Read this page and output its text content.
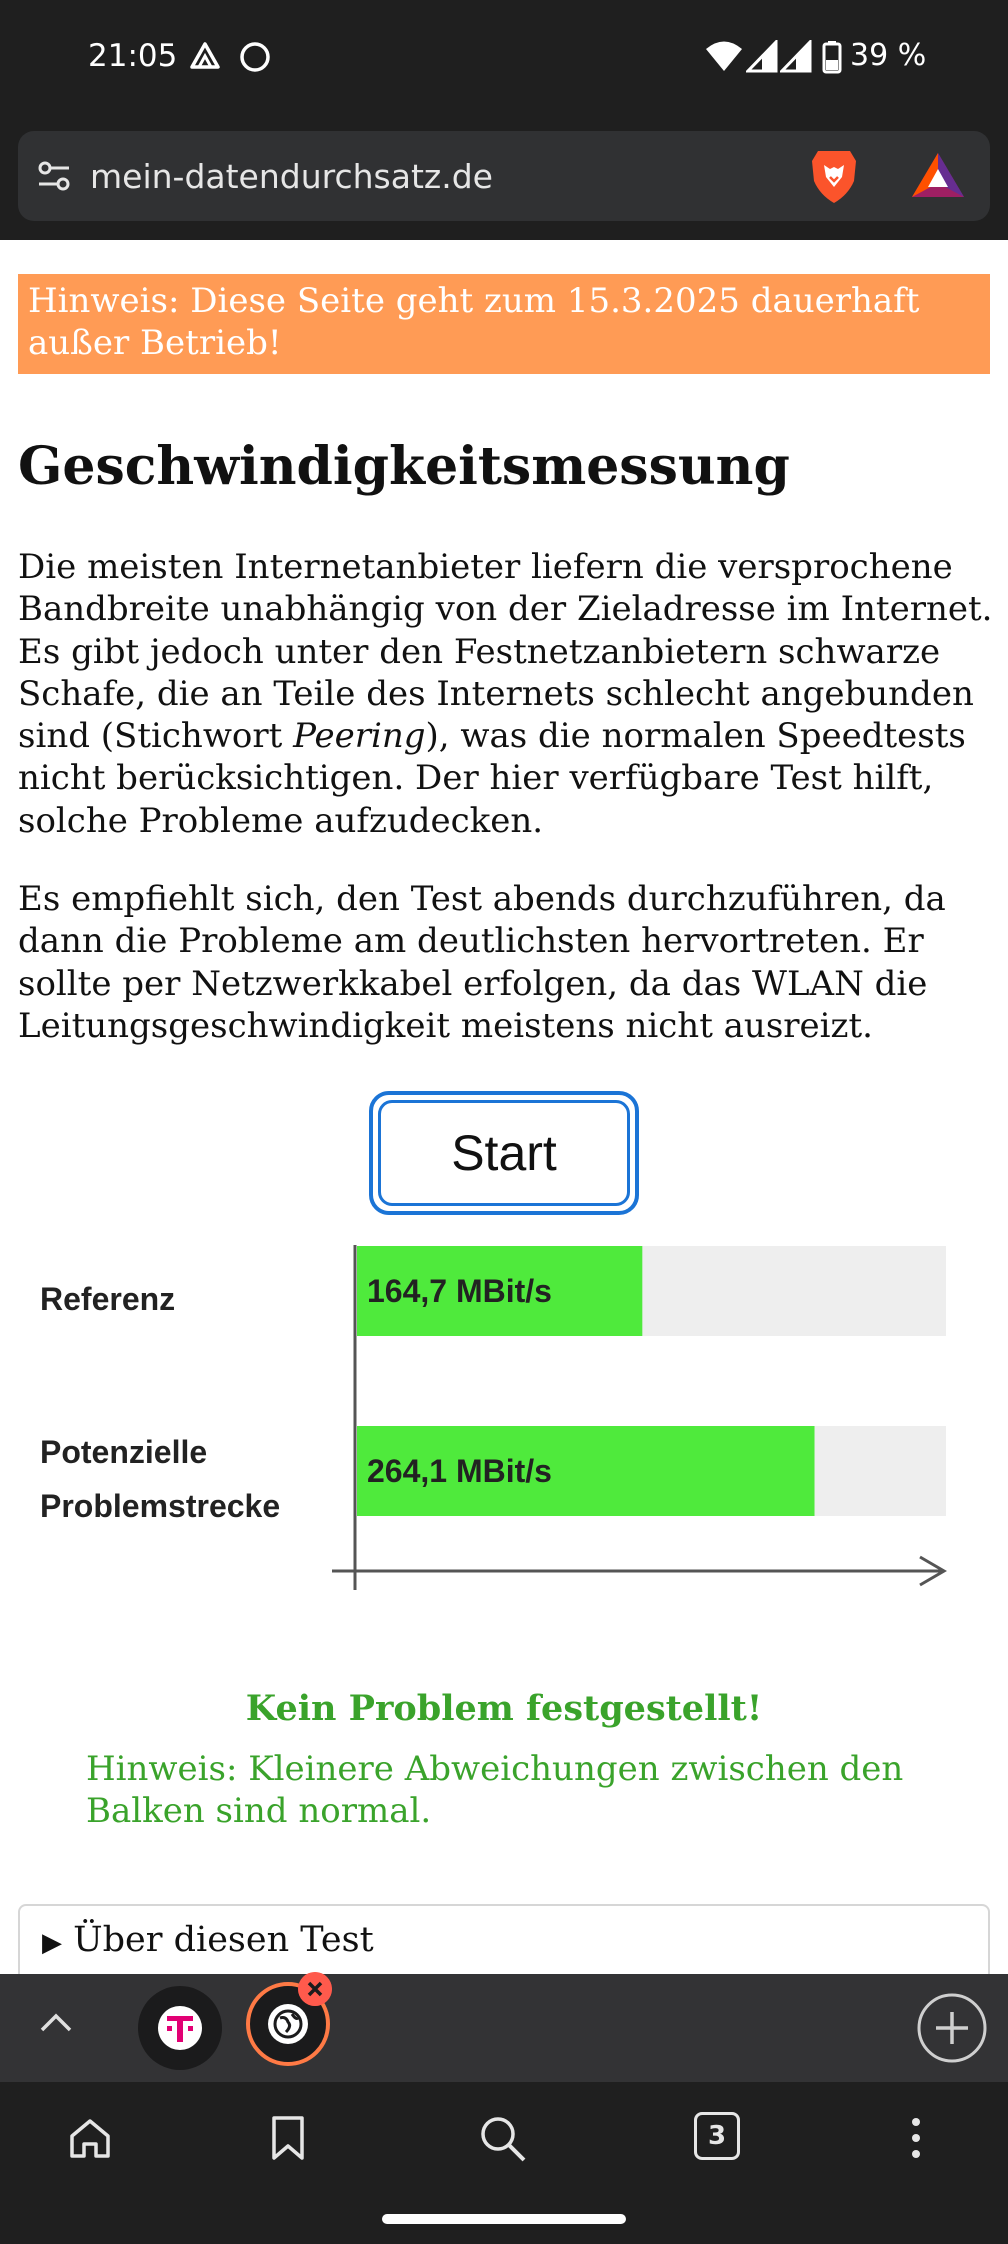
21:05	39 %
mein-datendurchsatz.de
Hinweis: Diese Seite geht zum 15.3.2025 dauerhaft außer Betrieb!
Geschwindigkeitsmessung

Die meisten Internetanbieter liefern die versprochene Bandbreite unabhängig von der Zieladresse im Internet. Es gibt jedoch unter den Festnetzanbietern schwarze Schafe, die an Teile des Internets schlecht angebunden sind (Stichwort Peering), was die normalen Speedtests nicht berücksichtigen. Der hier verfügbare Test hilft, solche Probleme aufzudecken.

Es empfiehlt sich, den Test abends durchzuführen, da dann die Probleme am deutlichsten hervortreten. Er sollte per Netzwerkkabel erfolgen, da das WLAN die Leitungsgeschwindigkeit meistens nicht ausreizt.

Start
Referenz
Potenzielle
Problemstrecke
164,7 MBit/s
264,1 MBit/s
Kein Problem festgestellt!
Hinweis: Kleinere Abweichungen zwischen den Balken sind normal.
▶ Über diesen Test
3
